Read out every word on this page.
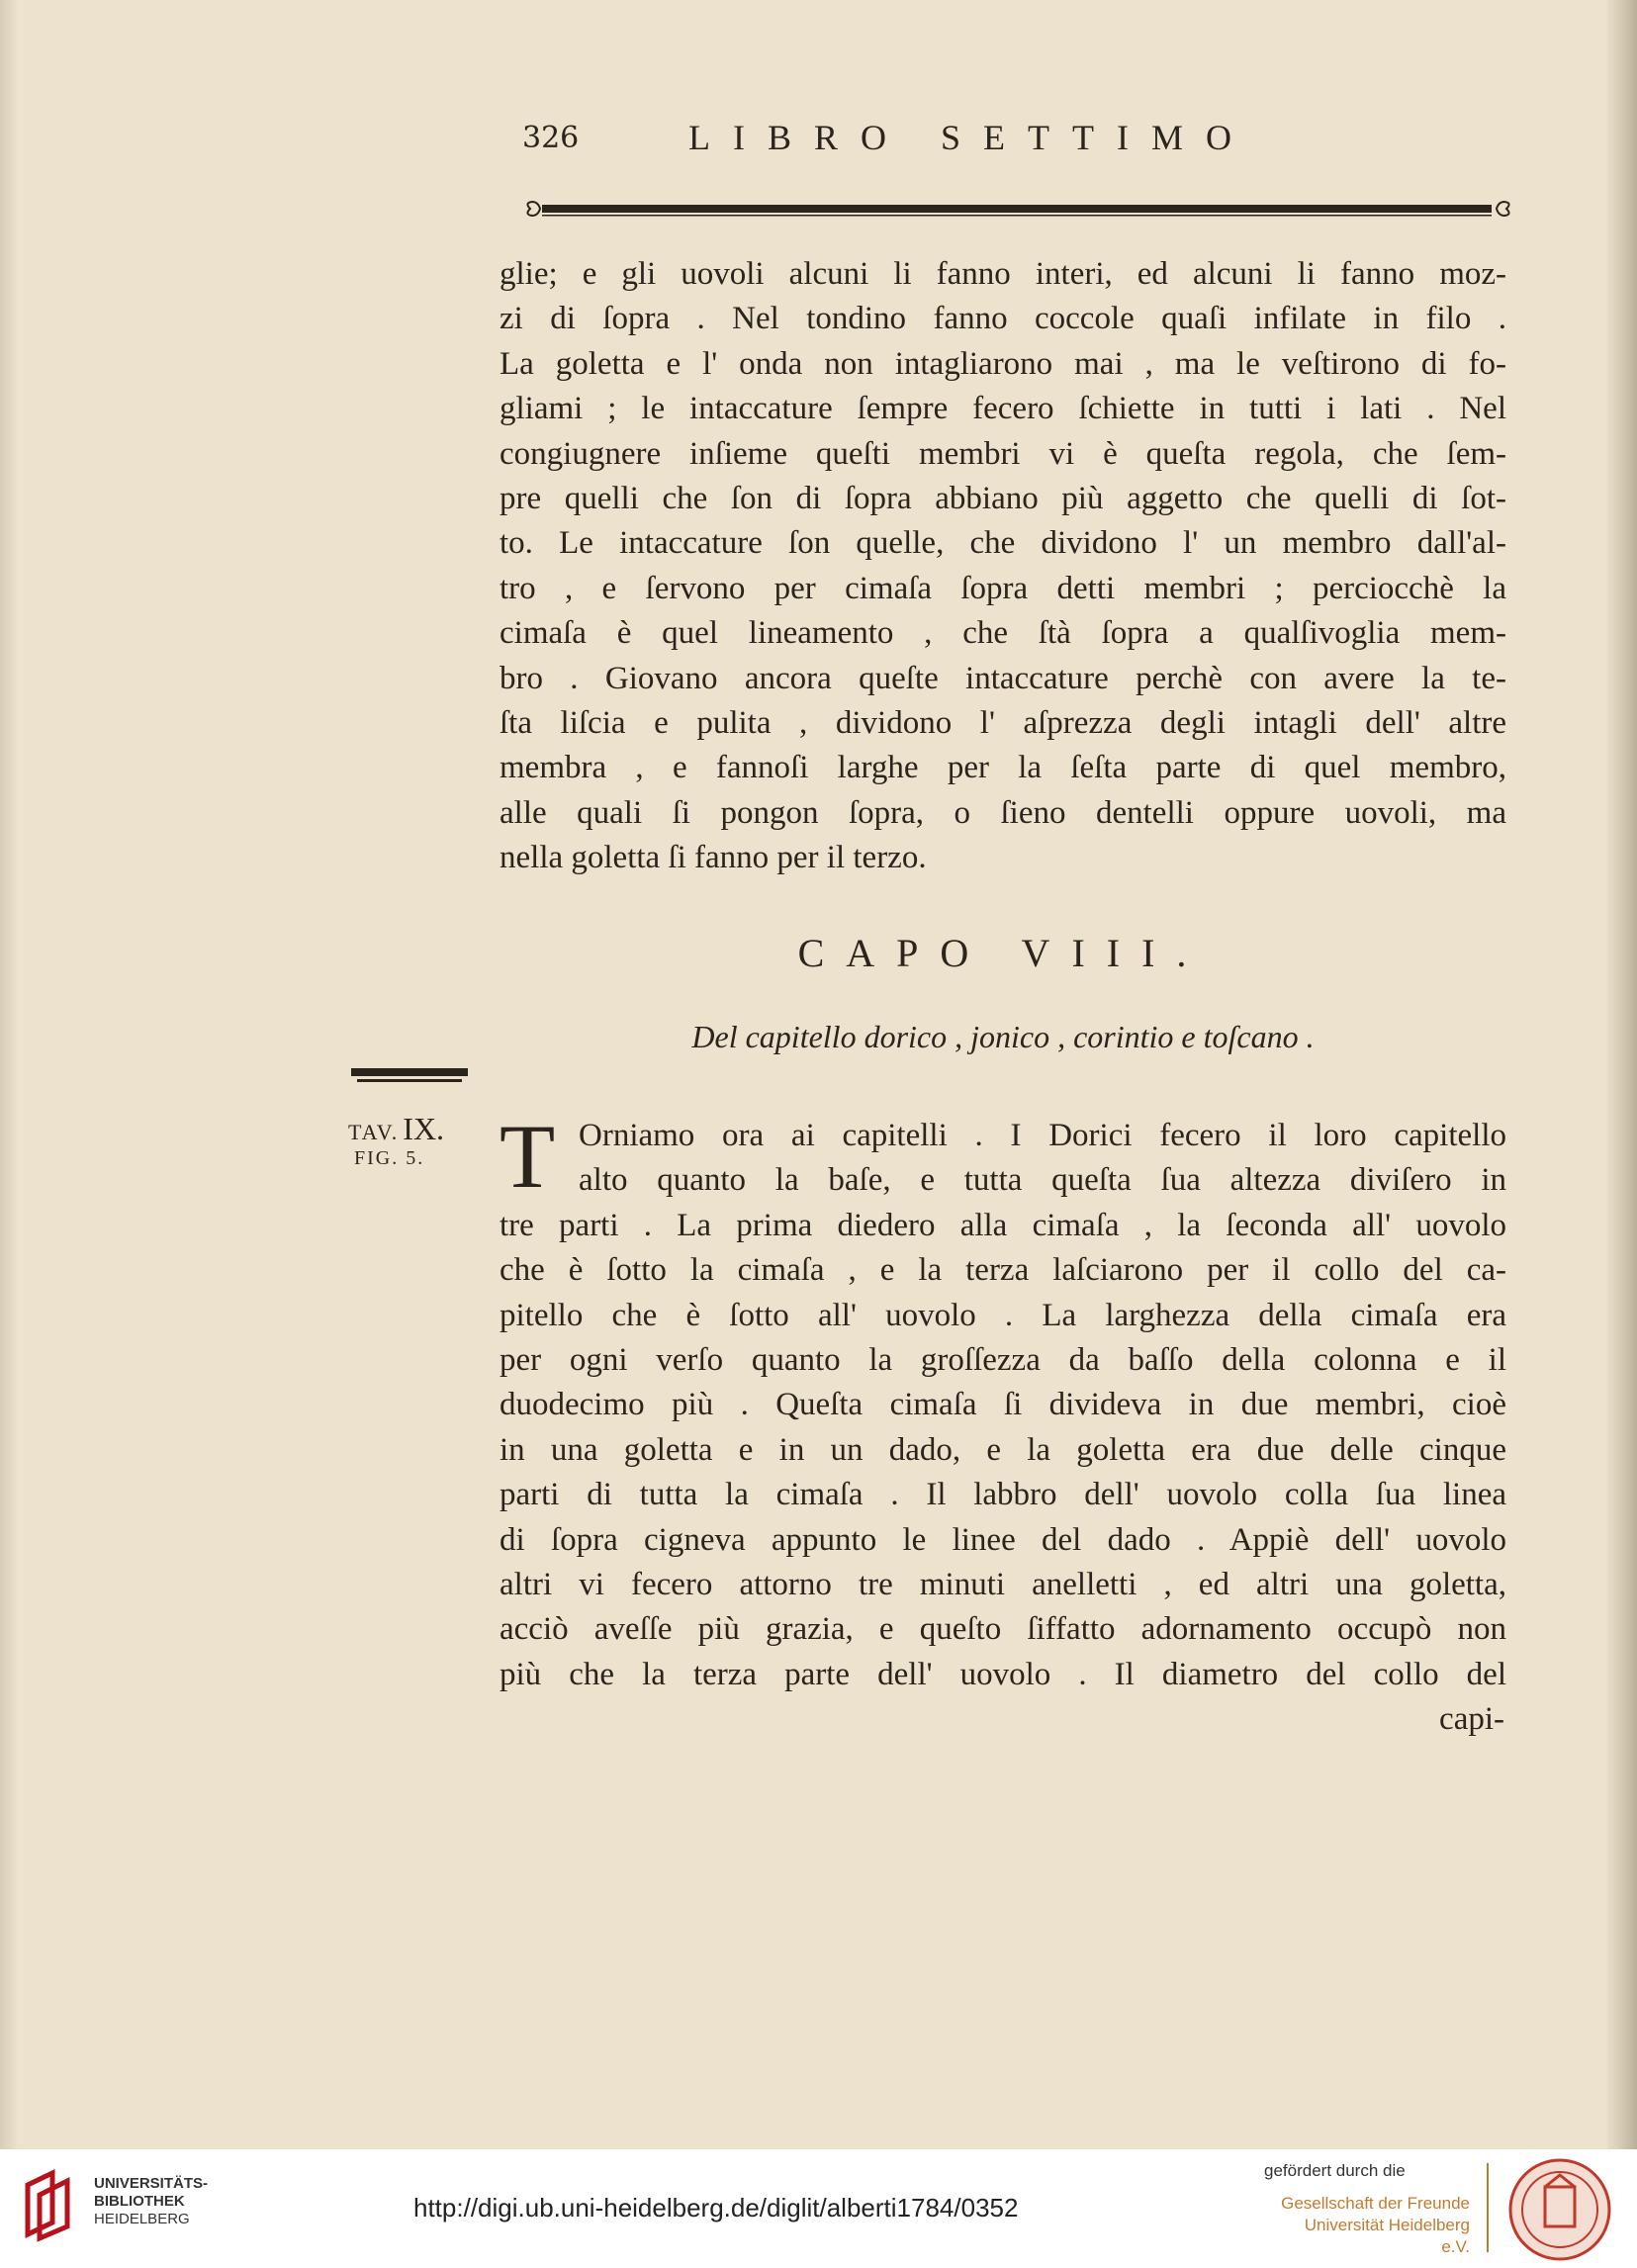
326	LIBRO SETTIMO
glie; e gli uovoli alcuni li fanno interi, ed alcuni li fanno moz-
zi di ſopra . Nel tondino fanno coccole quaſi infilate in filo .
La goletta e l' onda non intagliarono mai , ma le veſtirono di fo-
gliami ; le intaccature ſempre fecero ſchiette in tutti i lati . Nel
congiugnere inſieme queſti membri vi è queſta regola, che ſem-
pre quelli che ſon di ſopra abbiano più aggetto che quelli di ſot-
to. Le intaccature ſon quelle, che dividono l' un membro dall'al-
tro , e ſervono per cimaſa ſopra detti membri ; perciocchè la
cimaſa è quel lineamento , che ſtà ſopra a qualſivoglia mem-
bro . Giovano ancora queſte intaccature perchè con avere la te-
ſta liſcia e pulita , dividono l' aſprezza degli intagli dell' altre
membra , e fannoſi larghe per la ſeſta parte di quel membro,
alle quali ſi pongon ſopra, o ſieno dentelli oppure uovoli, ma
nella goletta ſi fanno per il terzo.
CAPO VIII.
Del capitello dorico , jonico , corintio e toſcano .
TAV. IX.
FIG. 5. T Orniamo ora ai capitelli . I Dorici fecero il loro capitello
alto quanto la baſe, e tutta queſta ſua altezza diviſero in
tre parti . La prima diedero alla cimaſa , la ſeconda all' uovolo
che è ſotto la cimaſa , e la terza laſciarono per il collo del ca-
pitello che è ſotto all' uovolo . La larghezza della cimaſa era
per ogni verſo quanto la groſſezza da baſſo della colonna e il
duodecimo più . Queſta cimaſa ſi divideva in due membri, cioè
in una goletta e in un dado, e la goletta era due delle cinque
parti di tutta la cimaſa . Il labbro dell' uovolo colla ſua linea
di ſopra cigneva appunto le linee del dado . Appiè dell' uovolo
altri vi fecero attorno tre minuti anelletti , ed altri una goletta,
acciò aveſſe più grazia, e queſto ſiffatto adornamento occupò non
più che la terza parte dell' uovolo . Il diametro del collo del
capi-
UNIVERSITÄTS-
BIBLIOTHEK
HEIDELBERG	http://digi.ub.uni-heidelberg.de/diglit/alberti1784/0352
gefördert durch die
Gesellschaft der Freunde
Universität Heidelberg e.V.
